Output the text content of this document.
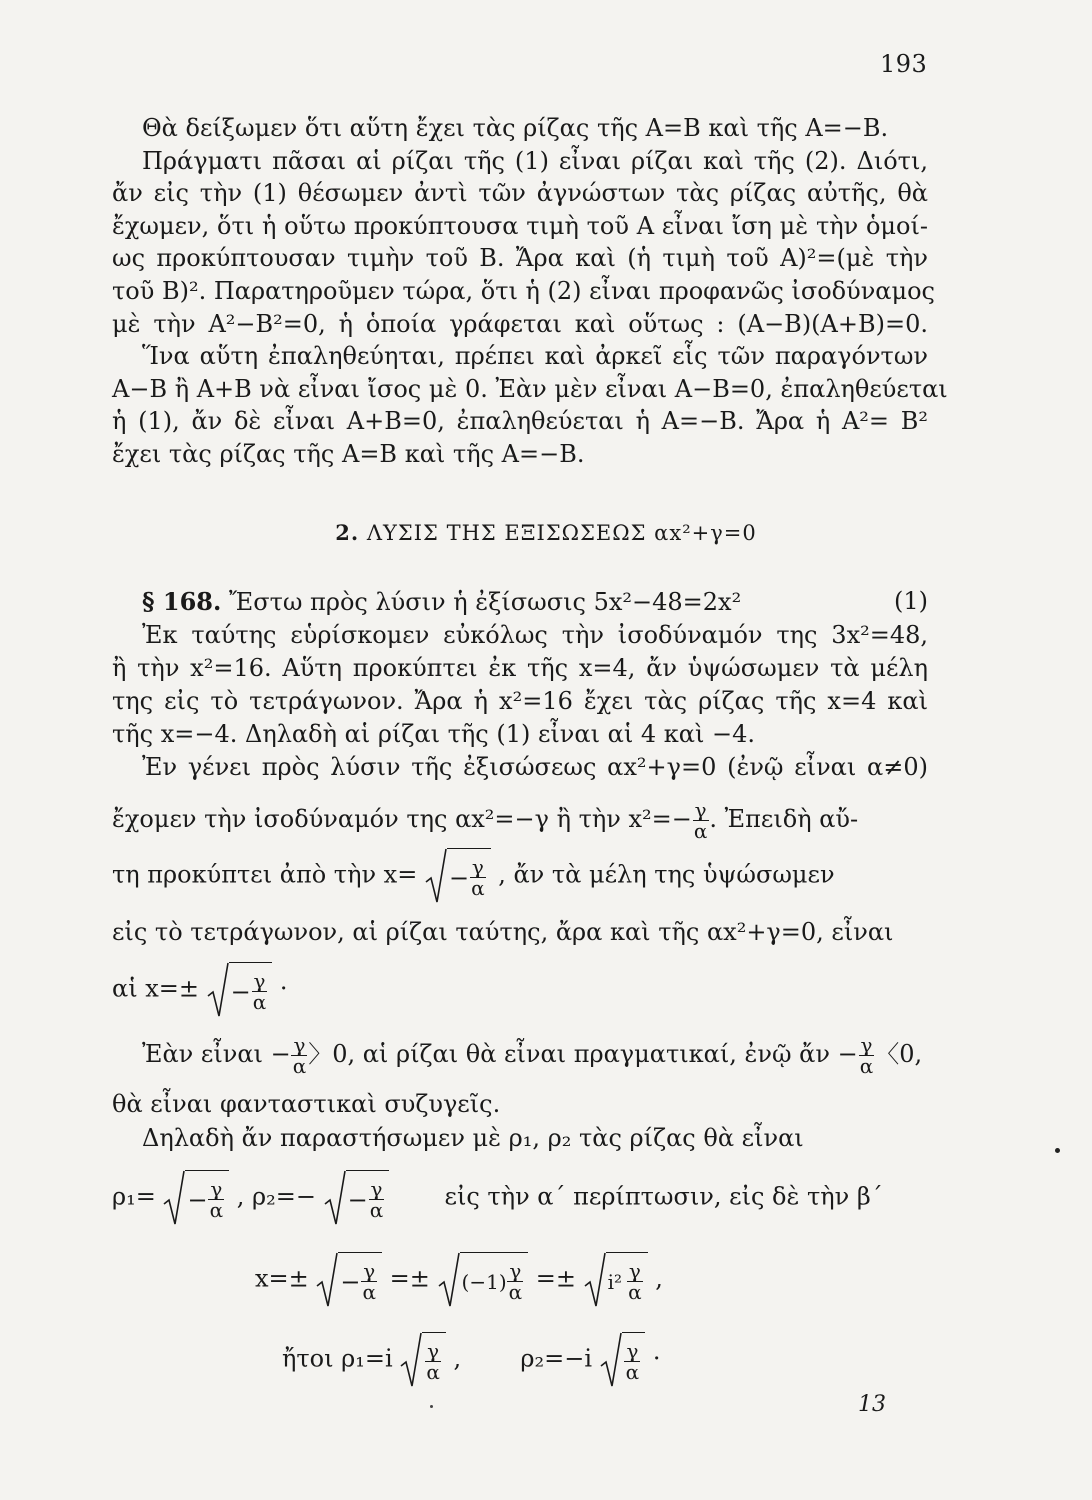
193
Θὰ δείξωμεν ὅτι αὕτη ἔχει τὰς ρίζας τῆς A=B καὶ τῆς A=−B.
Πράγματι πᾶσαι αἱ ρίζαι τῆς (1) εἶναι ρίζαι καὶ τῆς (2). Διότι,
ἄν εἰς τὴν (1) θέσωμεν ἀντὶ τῶν ἀγνώστων τὰς ρίζας αὐτῆς, θὰ
ἔχωμεν, ὅτι ἡ οὕτω προκύπτουσα τιμὴ τοῦ A εἶναι ἴση μὲ τὴν ὁμοί-
ως προκύπτουσαν τιμὴν τοῦ B. Ἄρα καὶ (ἡ τιμὴ τοῦ A)²=(μὲ τὴν
τοῦ B)². Παρατηροῦμεν τώρα, ὅτι ἡ (2) εἶναι προφανῶς ἰσοδύναμος
μὲ τὴν A²−B²=0, ἡ ὁποία γράφεται καὶ οὕτως : (A−B)(A+B)=0.
Ἵνα αὕτη ἐπαληθεύηται, πρέπει καὶ ἀρκεῖ εἷς τῶν παραγόντων
A−B ἢ A+B νὰ εἶναι ἴσος μὲ 0. Ἐὰν μὲν εἶναι A−B=0, ἐπαληθεύεται
ἡ (1), ἄν δὲ εἶναι A+B=0, ἐπαληθεύεται ἡ A=−B. Ἄρα ἡ A²= B²
ἔχει τὰς ρίζας τῆς A=B καὶ τῆς A=−B.
2. ΛΥΣΙΣ ΤΗΣ ΕΞΙΣΩΣΕΩΣ αx²+γ=0
§ 168. Ἔστω πρὸς λύσιν ἡ ἐξίσωσις 5x²−48=2x²	(1)
Ἐκ ταύτης εὑρίσκομεν εὐκόλως τὴν ἰσοδύναμόν της 3x²=48,
ἢ τὴν x²=16. Αὕτη προκύπτει ἐκ τῆς x=4, ἄν ὑψώσωμεν τὰ μέλη
της εἰς τὸ τετράγωνον. Ἄρα ἡ x²=16 ἔχει τὰς ρίζας τῆς x=4 καὶ
τῆς x=−4. Δηλαδὴ αἱ ρίζαι τῆς (1) εἶναι αἱ 4 καὶ −4.
Ἐν γένει πρὸς λύσιν τῆς ἐξισώσεως αx²+γ=0 (ἐνῷ εἶναι α≠0)
ἔχομεν τὴν ἰσοδύναμόν της αx²=−γ ἢ τὴν $x^2=- \frac{\gamma}{\alpha}$ . Ἐπειδὴ αὔ-
τη προκύπτει ἀπὸ τὴν $x= - \frac{\gamma}{\alpha}$ , ἄν τὰ μέλη της ὑψώσωμεν
εἰς τὸ τετράγωνον, αἱ ρίζαι ταύτης, ἄρα καὶ τῆς αx²+γ=0, εἶναι
αἱ $x=\pm - \frac{\gamma}{\alpha}$ ·
Ἐὰν εἶναι − $\frac{\gamma}{\alpha}$ 〉0, αἱ ρίζαι θὰ εἶναι πραγματικαί, ἐνῷ ἄν − $\frac{\gamma}{\alpha}$ 〈0,
θὰ εἶναι φανταστικαὶ συζυγεῖς.
Δηλαδὴ ἄν παραστήσωμεν μὲ ρ₁, ρ₂ τὰς ρίζας θὰ εἶναι
$\rho_1= - \frac{\gamma}{\alpha}$ , $\rho_2=- - \frac{\gamma}{\alpha}$ εἰς τὴν α΄ περίπτωσιν, εἰς δὲ τὴν β΄
$x=\pm - \frac{\gamma}{\alpha} =\pm (-1) \frac{\gamma}{\alpha} =\pm i^2 \frac{\gamma}{\alpha}$ ,
ἤτοι $\rho_1=i \frac{\gamma}{\alpha}$ , $\rho_2=-i \frac{\gamma}{\alpha}$ ·
13
